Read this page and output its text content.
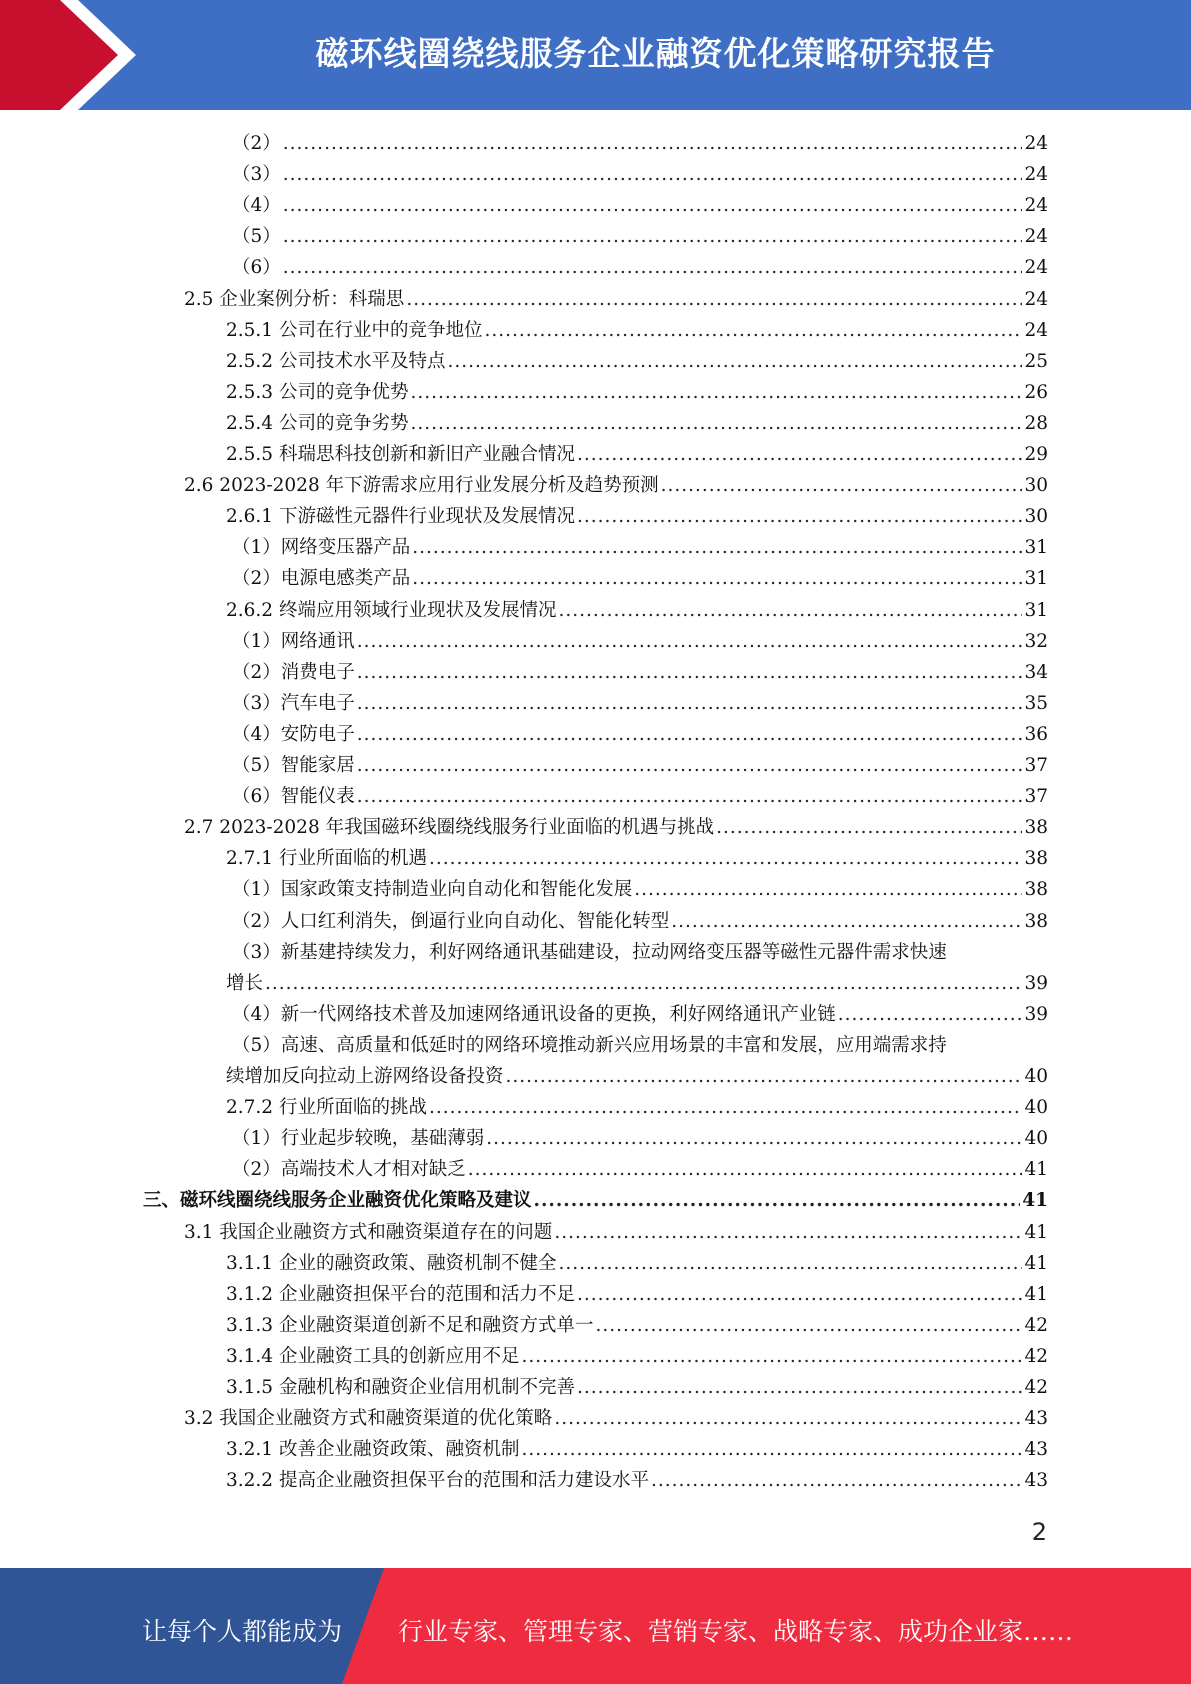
磁环线圈绕线服务企业融资优化策略研究报告
（2） .....	24
（3） .....	24
（4） .....	24
（5） .....	24
（6） .....	24
2.5 企业案例分析：科瑞思 .....	24
2.5.1 公司在行业中的竞争地位 .....	24
2.5.2 公司技术水平及特点 .....	25
2.5.3 公司的竞争优势 .....	26
2.5.4 公司的竞争劣势 .....	28
2.5.5 科瑞思科技创新和新旧产业融合情况 .....	29
2.6 2023-2028 年下游需求应用行业发展分析及趋势预测 .....	30
2.6.1 下游磁性元器件行业现状及发展情况 .....	30
（1）网络变压器产品 .....	31
（2）电源电感类产品 .....	31
2.6.2 终端应用领域行业现状及发展情况 .....	31
（1）网络通讯 .....	32
（2）消费电子 .....	34
（3）汽车电子 .....	35
（4）安防电子 .....	36
（5）智能家居 .....	37
（6）智能仪表 .....	37
2.7 2023-2028 年我国磁环线圈绕线服务行业面临的机遇与挑战 .....	38
2.7.1 行业所面临的机遇 .....	38
（1）国家政策支持制造业向自动化和智能化发展 .....	38
（2）人口红利消失，倒逼行业向自动化、智能化转型 .....	38
（3）新基建持续发力，利好网络通讯基础建设，拉动网络变压器等磁性元器件需求快速
增长 .....	39
（4）新一代网络技术普及加速网络通讯设备的更换，利好网络通讯产业链 .....	39
（5）高速、高质量和低延时的网络环境推动新兴应用场景的丰富和发展，应用端需求持
续增加反向拉动上游网络设备投资 .....	40
2.7.2 行业所面临的挑战 .....	40
（1）行业起步较晚，基础薄弱 .....	40
（2）高端技术人才相对缺乏 .....	41
三、磁环线圈绕线服务企业融资优化策略及建议 .....	41
3.1 我国企业融资方式和融资渠道存在的问题 .....	41
3.1.1 企业的融资政策、融资机制不健全 .....	41
3.1.2 企业融资担保平台的范围和活力不足 .....	41
3.1.3 企业融资渠道创新不足和融资方式单一 .....	42
3.1.4 企业融资工具的创新应用不足 .....	42
3.1.5 金融机构和融资企业信用机制不完善 .....	42
3.2 我国企业融资方式和融资渠道的优化策略 .....	43
3.2.1 改善企业融资政策、融资机制 .....	43
3.2.2 提高企业融资担保平台的范围和活力建设水平 .....	43
2
让每个人都能成为 行业专家、管理专家、营销专家、战略专家、成功企业家……
